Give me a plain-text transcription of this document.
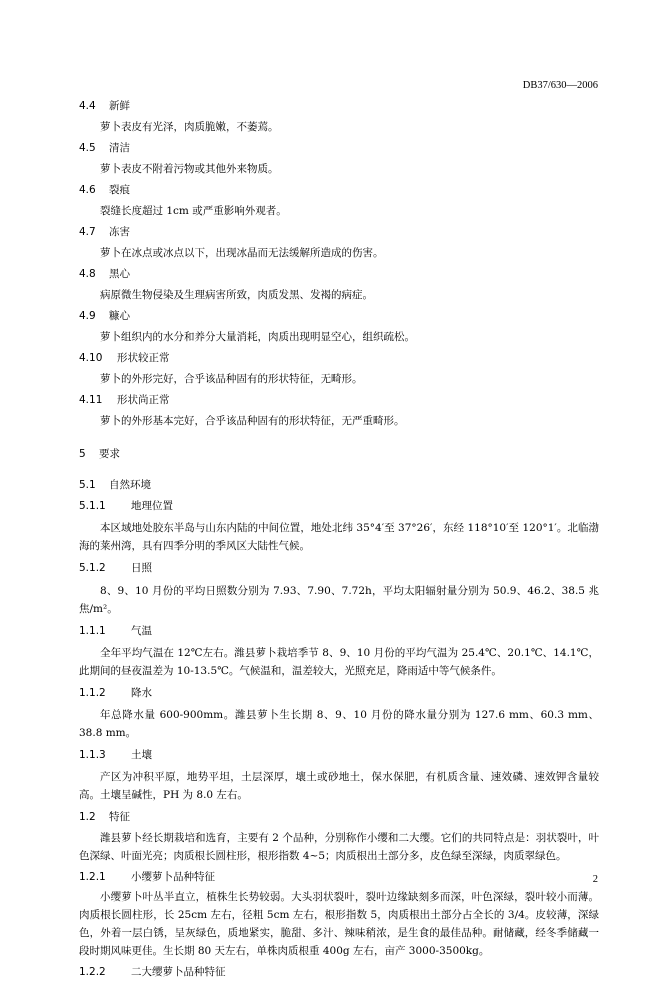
DB37/630—2006
4.4 新鲜
萝卜表皮有光泽，肉质脆嫩，不萎蔫。
4.5 清洁
萝卜表皮不附着污物或其他外来物质。
4.6 裂痕
裂缝长度超过 1cm 或严重影响外观者。
4.7 冻害
萝卜在冰点或冰点以下，出现冰晶而无法缓解所造成的伤害。
4.8 黑心
病原微生物侵染及生理病害所致，肉质发黑、发褐的病症。
4.9 糠心
萝卜组织内的水分和养分大量消耗，肉质出现明显空心，组织疏松。
4.10 形状较正常
萝卜的外形完好，合乎该品种固有的形状特征，无畸形。
4.11 形状尚正常
萝卜的外形基本完好，合乎该品种固有的形状特征，无严重畸形。
5 要求
5.1 自然环境
5.1.1 地理位置
本区域地处胶东半岛与山东内陆的中间位置，地处北纬 35°4′至 37°26′，东经 118°10′至 120°1′。北临渤海的莱州湾，具有四季分明的季风区大陆性气候。
5.1.2 日照
8、9、10 月份的平均日照数分别为 7.93、7.90、7.72h，平均太阳辐射量分别为 50.9、46.2、38.5 兆焦/m²。
1.1.1 气温
全年平均气温在 12℃左右。潍县萝卜栽培季节 8、9、10 月份的平均气温为 25.4℃、20.1℃、14.1℃，此期间的昼夜温差为 10-13.5℃。气候温和，温差较大，光照充足，降雨适中等气候条件。
1.1.2 降水
年总降水量 600-900mm。潍县萝卜生长期 8、9、10 月份的降水量分别为 127.6 mm、60.3 mm、38.8 mm。
1.1.3 土壤
产区为冲积平原，地势平坦，土层深厚，壤土或砂地土，保水保肥，有机质含量、速效磷、速效钾含量较高。土壤呈碱性，PH 为 8.0 左右。
1.2 特征
潍县萝卜经长期栽培和选育，主要有 2 个品种，分别称作小缨和二大缨。它们的共同特点是：羽状裂叶，叶色深绿、叶面光亮；肉质根长圆柱形，根形指数 4~5；肉质根出土部分多，皮色绿至深绿，肉质翠绿色。
1.2.1 小缨萝卜品种特征
小缨萝卜叶丛半直立，植株生长势较弱。大头羽状裂叶，裂叶边缘缺刻多而深，叶色深绿，裂叶较小而薄。肉质根长圆柱形，长 25cm 左右，径粗 5cm 左右，根形指数 5，肉质根出土部分占全长的 3/4。皮较薄，深绿色，外着一层白锈，呈灰绿色，质地紧实，脆甜、多汁、辣味稍浓，是生食的最佳品种。耐储藏，经冬季储藏一段时期风味更佳。生长期 80 天左右，单株肉质根重 400g 左右，亩产 3000-3500kg。
1.2.2 二大缨萝卜品种特征
2
